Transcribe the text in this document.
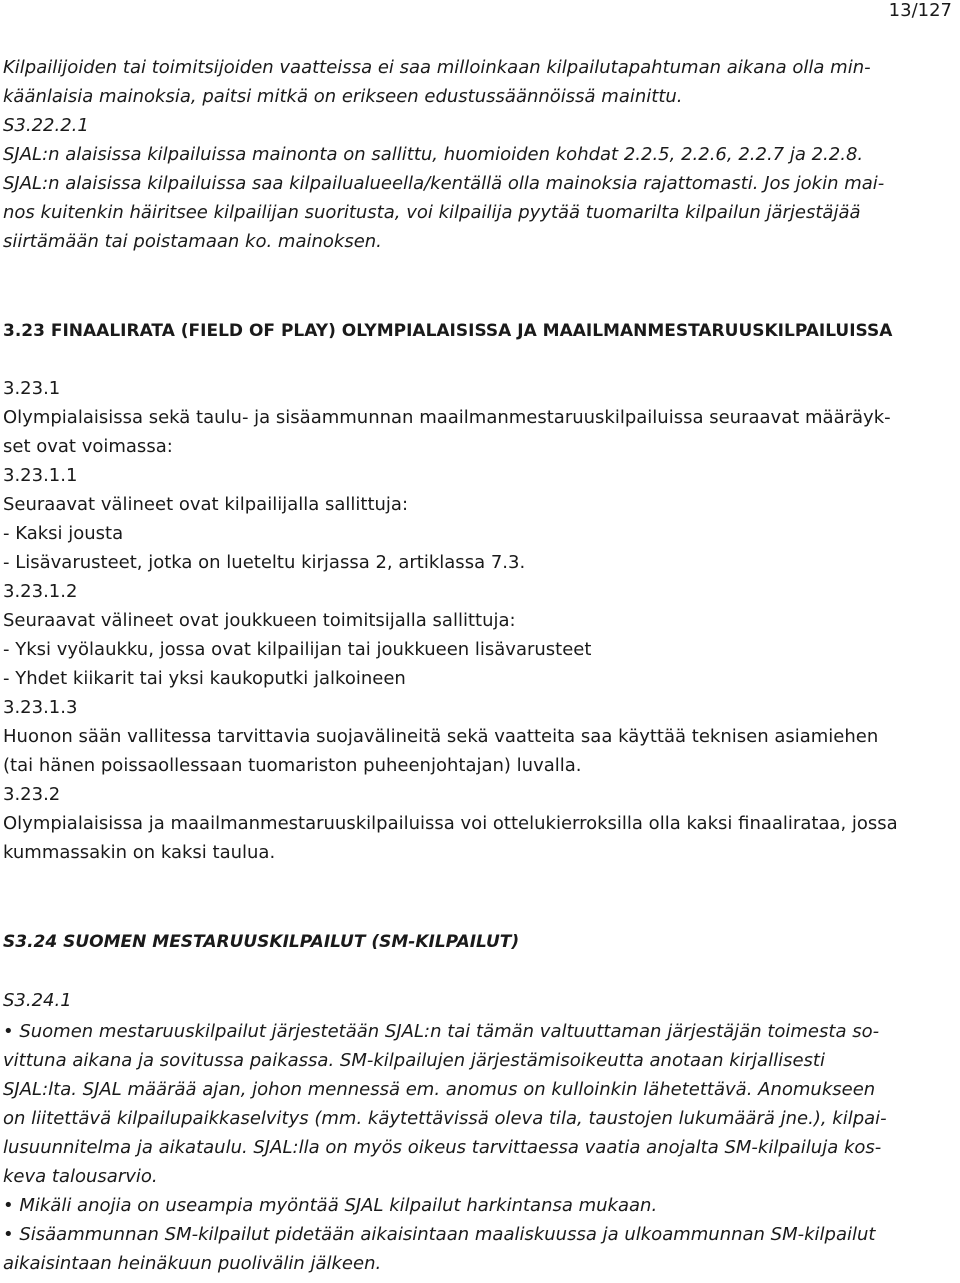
13/127
Kilpailijoiden tai toimitsijoiden vaatteissa ei saa milloinkaan kilpailutapahtuman aikana olla min-
käänlaisia mainoksia, paitsi mitkä on erikseen edustussäännöissä mainittu.
S3.22.2.1
SJAL:n alaisissa kilpailuissa mainonta on sallittu, huomioiden kohdat 2.2.5, 2.2.6, 2.2.7 ja 2.2.8.
SJAL:n alaisissa kilpailuissa saa kilpailualueella/kentällä olla mainoksia rajattomasti. Jos jokin mai-
nos kuitenkin häiritsee kilpailijan suoritusta, voi kilpailija pyytää tuomarilta kilpailun järjestäjää
siirtämään tai poistamaan ko. mainoksen.
3.23 FINAALIRATA (FIELD OF PLAY) OLYMPIALAISISSA JA MAAILMANMESTARUUSKILPAILUISSA
3.23.1
Olympialaisissa sekä taulu- ja sisäammunnan maailmanmestaruuskilpailuissa seuraavat määräyk-
set ovat voimassa:
3.23.1.1
Seuraavat välineet ovat kilpailijalla sallittuja:
- Kaksi jousta
- Lisävarusteet, jotka on lueteltu kirjassa 2, artiklassa 7.3.
3.23.1.2
Seuraavat välineet ovat joukkueen toimitsijalla sallittuja:
- Yksi vyölaukku, jossa ovat kilpailijan tai joukkueen lisävarusteet
- Yhdet kiikarit tai yksi kaukoputki jalkoineen
3.23.1.3
Huonon sään vallitessa tarvittavia suojavälineitä sekä vaatteita saa käyttää teknisen asiamiehen
(tai hänen poissaollessaan tuomariston puheenjohtajan) luvalla.
3.23.2
Olympialaisissa ja maailmanmestaruuskilpailuissa voi ottelukierroksilla olla kaksi finaalirataa, jossa
kummassakin on kaksi taulua.
S3.24 SUOMEN MESTARUUSKILPAILUT (SM-KILPAILUT)
S3.24.1
• Suomen mestaruuskilpailut järjestetään SJAL:n tai tämän valtuuttaman järjestäjän toimesta so-
vittuna aikana ja sovitussa paikassa. SM-kilpailujen järjestämisoikeutta anotaan kirjallisesti
SJAL:lta. SJAL määrää ajan, johon mennessä em. anomus on kulloinkin lähetettävä. Anomukseen
on liitettävä kilpailupaikkaselvitys (mm. käytettävissä oleva tila, taustojen lukumäärä jne.), kilpai-
lusuunnitelma ja aikataulu. SJAL:lla on myös oikeus tarvittaessa vaatia anojalta SM-kilpailuja kos-
keva talousarvio.
• Mikäli anojia on useampia myöntää SJAL kilpailut harkintansa mukaan.
• Sisäammunnan SM-kilpailut pidetään aikaisintaan maaliskuussa ja ulkoammunnan SM-kilpailut
aikaisintaan heinäkuun puolivälin jälkeen.
